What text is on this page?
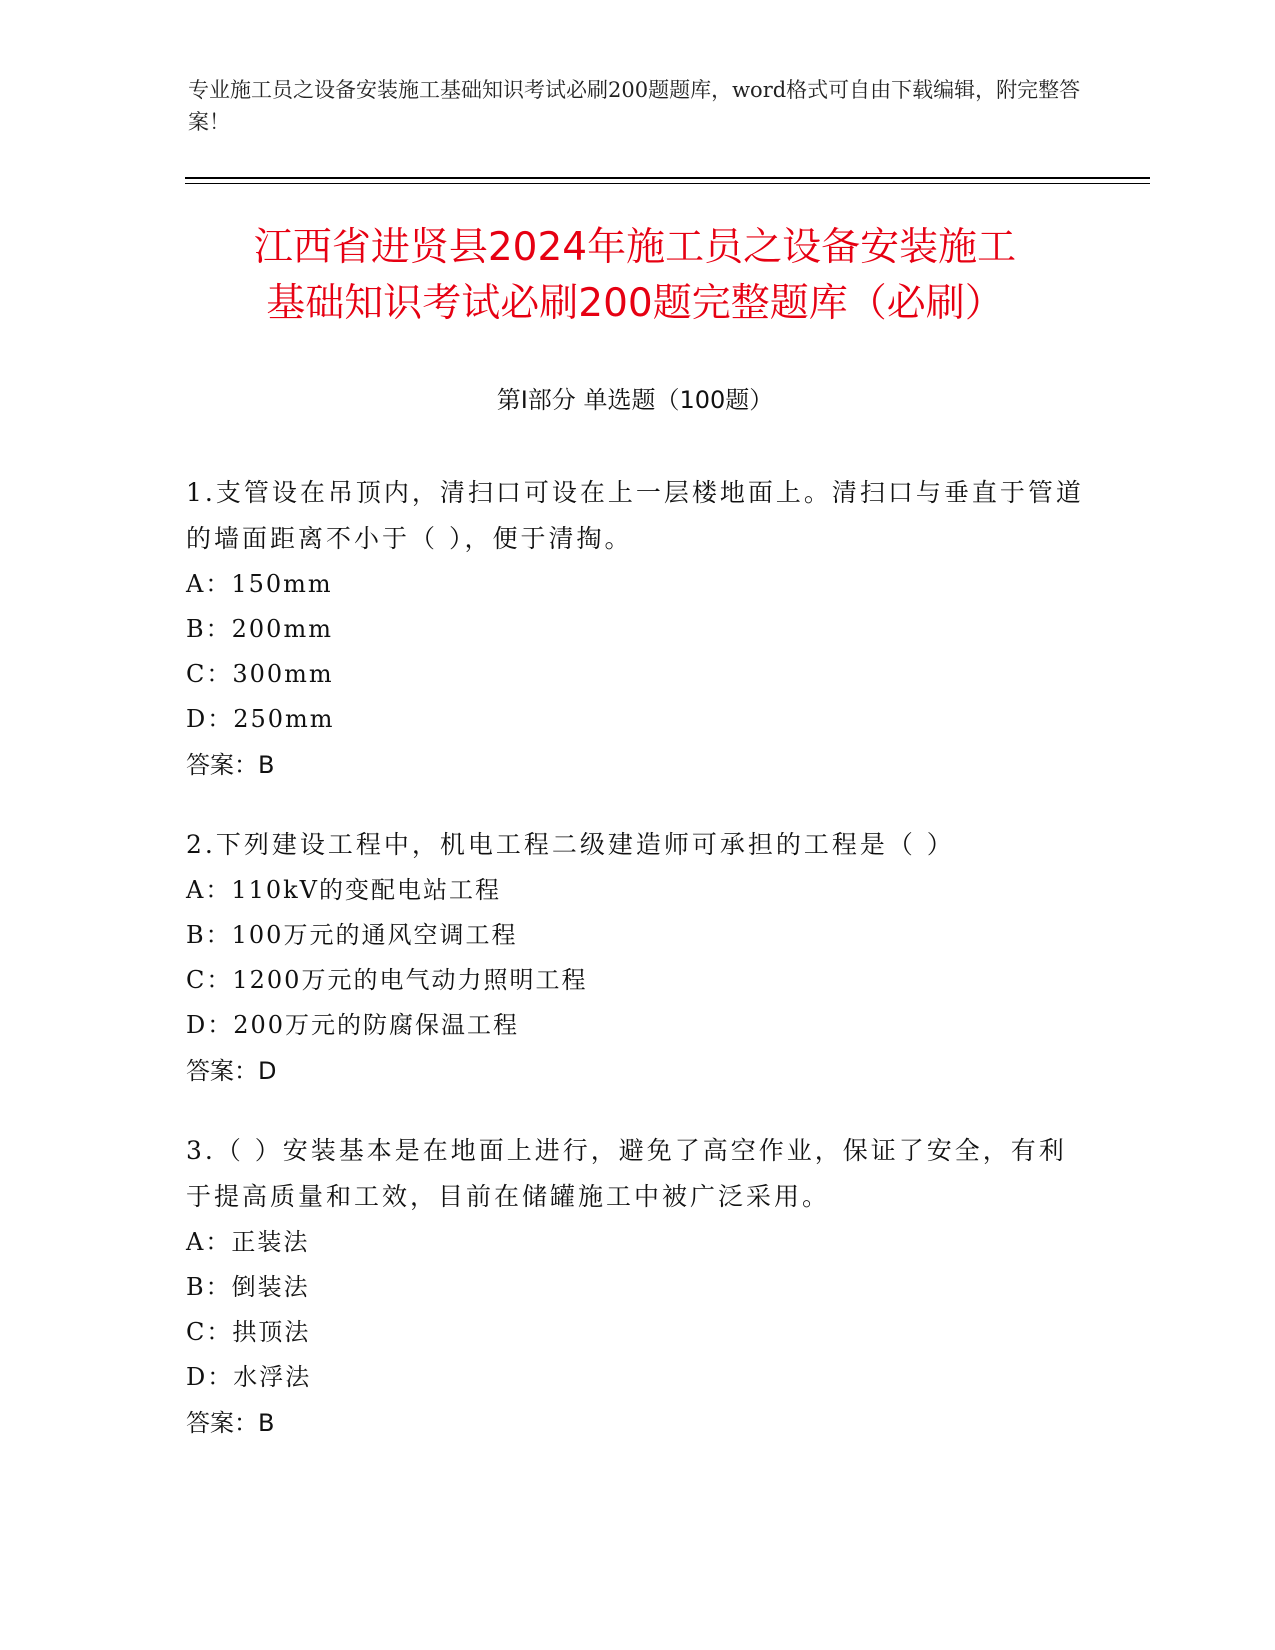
专业施工员之设备安装施工基础知识考试必刷200题题库，word格式可自由下载编辑，附完整答案！
江西省进贤县2024年施工员之设备安装施工
基础知识考试必刷200题完整题库（必刷）
第Ⅰ部分 单选题（100题）

1.支管设在吊顶内，清扫口可设在上一层楼地面上。清扫口与垂直于管道的墙面距离不小于（ ），便于清掏。

A：150mm
B：200mm
C：300mm
D：250mm
答案：B

2.下列建设工程中，机电工程二级建造师可承担的工程是（ ）

A：110kV的变配电站工程
B：100万元的通风空调工程
C：1200万元的电气动力照明工程
D：200万元的防腐保温工程
答案：D

3.（ ）安装基本是在地面上进行，避免了高空作业，保证了安全，有利于提高质量和工效，目前在储罐施工中被广泛采用。

A：正装法
B：倒装法
C：拱顶法
D：水浮法
答案：B
